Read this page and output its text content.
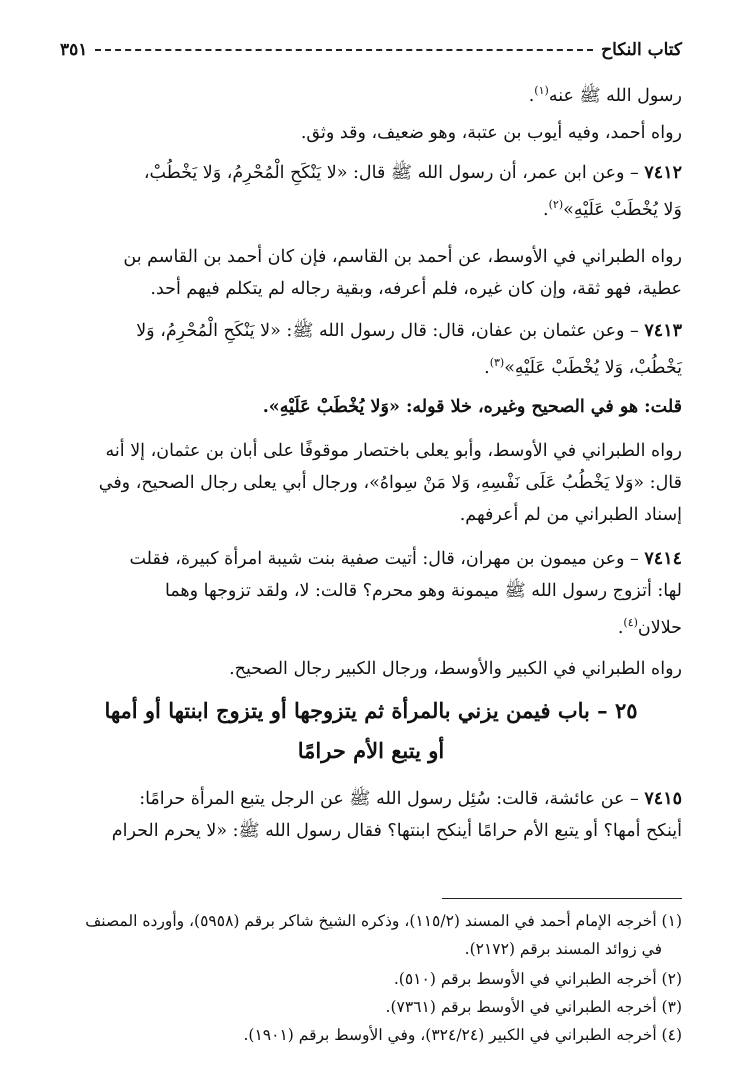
كتاب النكاح
٣٥١
رسول الله ﷺ عنه$^{(١)}$.
رواه أحمد، وفيه أيوب بن عتبة، وهو ضعيف، وقد وثق.
٧٤١٢ – وعن ابن عمر، أن رسول الله ﷺ قال: «لا يَنْكَحِ الْمُحْرِمُ، وَلا يَخْطُبْ،
وَلا يُخْطَبْ عَلَيْهِ»$^{(٢)}$.
رواه الطبراني في الأوسط، عن أحمد بن القاسم، فإن كان أحمد بن القاسم بن
عطية، فهو ثقة، وإن كان غيره، فلم أعرفه، وبقية رجاله لم يتكلم فيهم أحد.
٧٤١٣ – وعن عثمان بن عفان، قال: قال رسول الله ﷺ: «لا يَنْكَحِ الْمُحْرِمُ، وَلا
يَخْطُبْ، وَلا يُخْطَبْ عَلَيْهِ»$^{(٣)}$.
قلت: هو في الصحيح وغيره، خلا قوله: «وَلا يُخْطَبْ عَلَيْهِ».
رواه الطبراني في الأوسط، وأبو يعلى باختصار موقوفًا على أبان بن عثمان، إلا أنه
قال: «وَلا يَخْطُبُ عَلَى نَفْسِهِ، وَلا مَنْ سِواهُ»، ورجال أبي يعلى رجال الصحيح، وفي
إسناد الطبراني من لم أعرفهم.
٧٤١٤ – وعن ميمون بن مهران، قال: أتيت صفية بنت شيبة امرأة كبيرة، فقلت
لها: أتزوج رسول الله ﷺ ميمونة وهو محرم؟ قالت: لا، ولقد تزوجها وهما
حلالان$^{(٤)}$.
رواه الطبراني في الكبير والأوسط، ورجال الكبير رجال الصحيح.
٢٥ – باب فيمن يزني بالمرأة ثم يتزوجها أو يتزوج ابنتها أو أمها
أو يتبع الأم حرامًا
٧٤١٥ – عن عائشة، قالت: سُئِل رسول الله ﷺ عن الرجل يتبع المرأة حرامًا:
أينكح أمها؟ أو يتبع الأم حرامًا أينكح ابنتها؟ فقال رسول الله ﷺ: «لا يحرم الحرام
(١) أخرجه الإمام أحمد في المسند (١١٥/٢)، وذكره الشيخ شاكر برقم (٥٩٥٨)، وأورده المصنف
في زوائد المسند برقم (٢١٧٢).
(٢) أخرجه الطبراني في الأوسط برقم (٥١٠).
(٣) أخرجه الطبراني في الأوسط برقم (٧٣٦١).
(٤) أخرجه الطبراني في الكبير (٣٢٤/٢٤)، وفي الأوسط برقم (١٩٠١).
